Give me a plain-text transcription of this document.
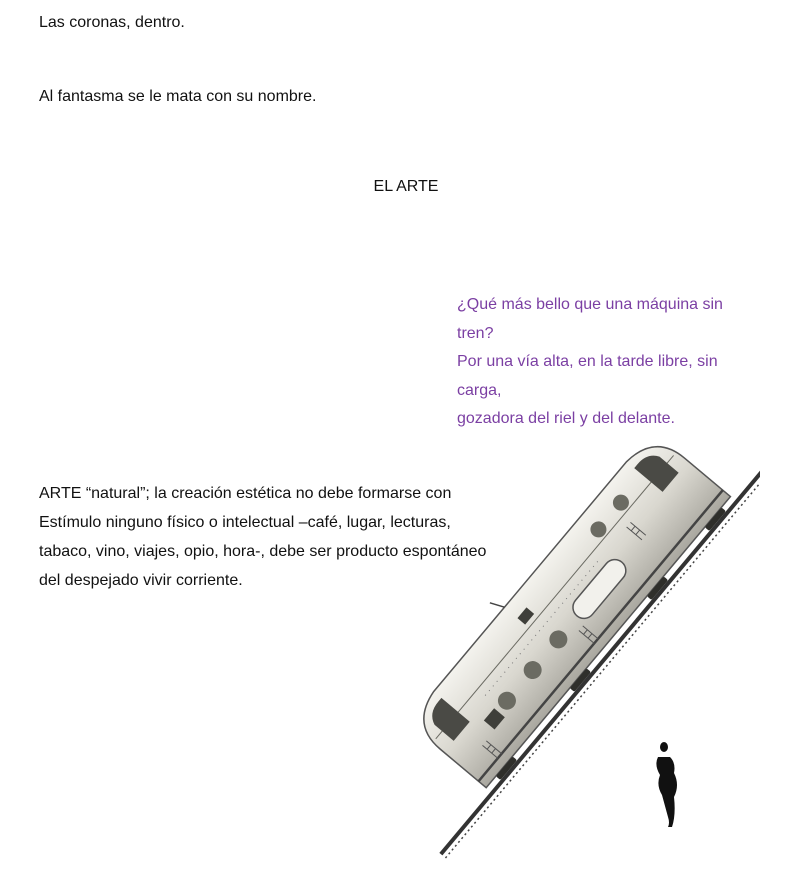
Las coronas, dentro.
Al fantasma se le mata con su nombre.
EL ARTE
¿Qué más bello que una máquina sin
tren?
Por una vía alta, en la tarde libre, sin
carga,
gozadora del riel y del delante.
ARTE “natural”; la creación estética no debe formarse con
Estímulo ninguno físico o intelectual –café, lugar, lecturas,
tabaco, vino, viajes, opio, hora-, debe ser producto espontáneo
del despejado vivir corriente.
